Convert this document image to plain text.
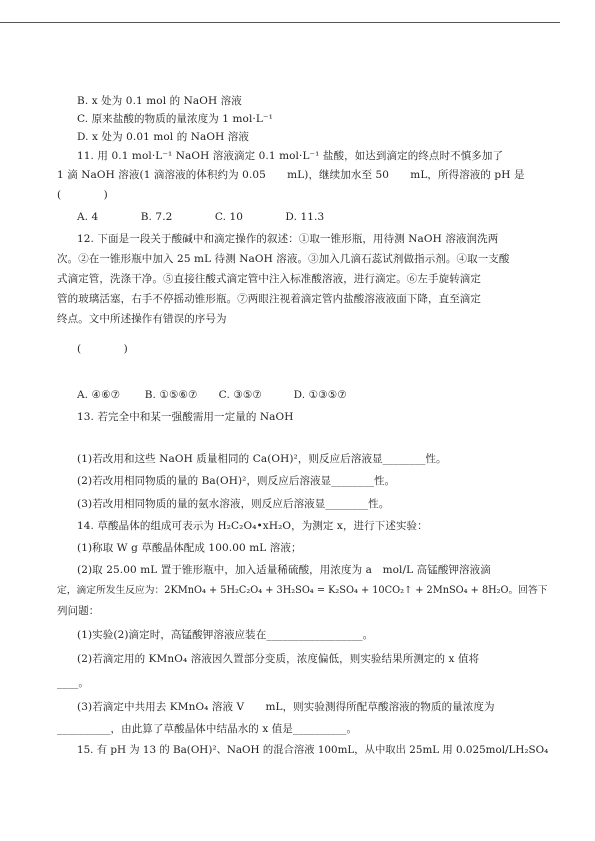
B. x 处为 0.1 mol 的 NaOH 溶液
C. 原来盐酸的物质的量浓度为 1 mol·L⁻¹
D. x 处为 0.01 mol 的 NaOH 溶液
11. 用 0.1 mol·L⁻¹ NaOH 溶液滴定 0.1 mol·L⁻¹ 盐酸，如达到滴定的终点时不慎多加了
1 滴 NaOH 溶液(1 滴溶液的体积约为 0.05　　mL)，继续加水至 50　　mL，所得溶液的 pH 是
(　　　　)
A. 4　　　　B. 7.2　　　　C. 10　　　　D. 11.3
12. 下面是一段关于酸碱中和滴定操作的叙述：①取一锥形瓶，用待测 NaOH 溶液润洗两
次。②在一锥形瓶中加入 25 mL 待测 NaOH 溶液。③加入几滴石蕊试剂做指示剂。④取一支酸
式滴定管，洗涤干净。⑤直接往酸式滴定管中注入标准酸溶液，进行滴定。⑥左手旋转滴定
管的玻璃活塞，右手不停摇动锥形瓶。⑦两眼注视着滴定管内盐酸溶液液面下降，直至滴定
终点。文中所述操作有错误的序号为
(　　　　)
A. ④⑥⑦　　 B. ①⑤⑥⑦　　C. ③⑤⑦　　　D. ①③⑤⑦
13. 若完全中和某一强酸需用一定量的 NaOH
(1)若改用和这些 NaOH 质量相同的 Ca(OH)²，则反应后溶液显________性。
(2)若改用相同物质的量的 Ba(OH)²，则反应后溶液显________性。
(3)若改用相同物质的量的氨水溶液，则反应后溶液显________性。
14. 草酸晶体的组成可表示为 H₂C₂O₄•xH₂O，为测定 x，进行下述实验：
(1)称取 W g 草酸晶体配成 100.00 mL 溶液；
(2)取 25.00 mL 置于锥形瓶中，加入适量稀硫酸，用浓度为 a　mol/L 高锰酸钾溶液滴
定，滴定所发生反应为：2KMnO₄ + 5H₂C₂O₄ + 3H₂SO₄ = K₂SO₄ + 10CO₂↑ + 2MnSO₄ + 8H₂O。回答下
列问题：
(1)实验(2)滴定时，高锰酸钾溶液应装在__________________。
(2)若滴定用的 KMnO₄ 溶液因久置部分变质，浓度偏低，则实验结果所测定的 x 值将
____。
(3)若滴定中共用去 KMnO₄ 溶液 V　　mL，则实验测得所配草酸溶液的物质的量浓度为
__________，由此算了草酸晶体中结晶水的 x 值是__________。
15. 有 pH 为 13 的 Ba(OH)²、NaOH 的混合溶液 100mL，从中取出 25mL 用 0.025mol/LH₂SO₄
